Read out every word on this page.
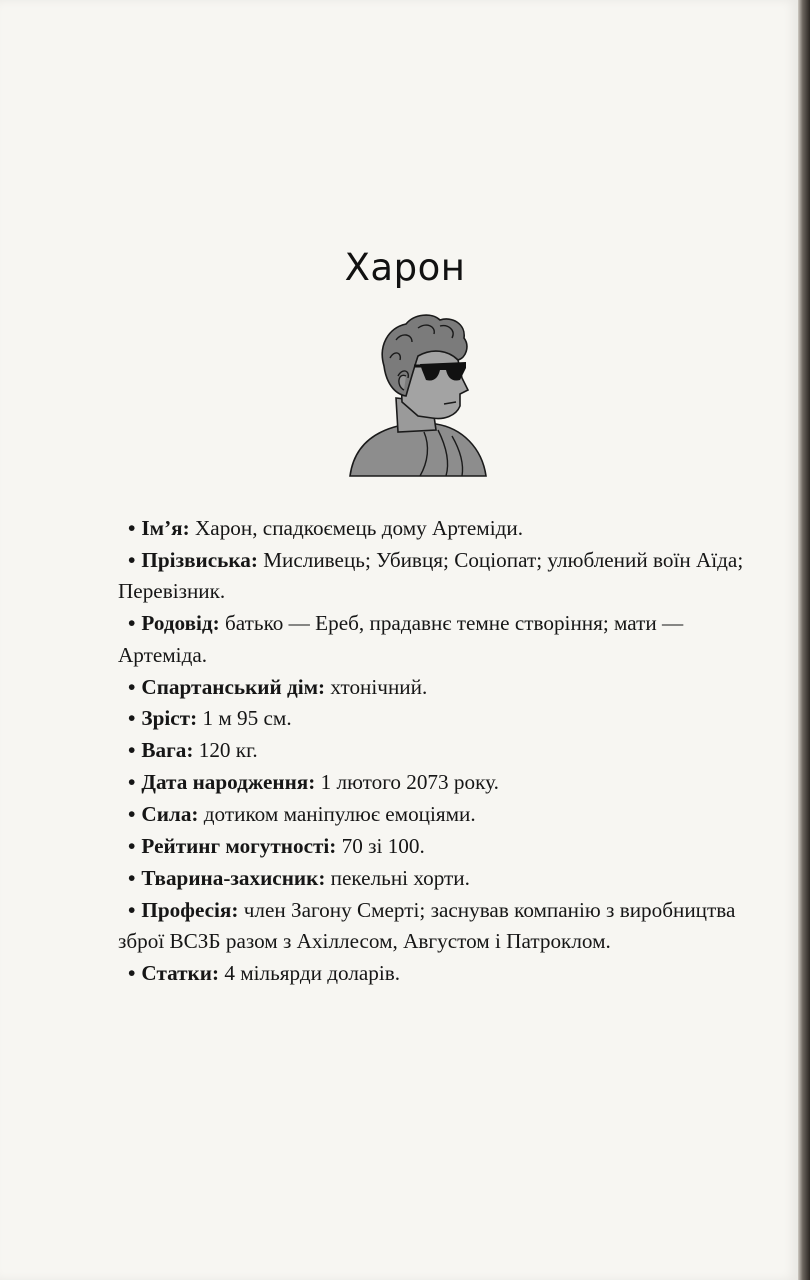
Харон
• Ім’я: Харон, спадкоємець дому Артеміди.
• Прізвиська: Мисливець; Убивця; Соціопат; улюблений воїн Аїда; Перевізник.
• Родовід: батько — Ереб, прадавнє темне створіння; мати — Артеміда.
• Спартанський дім: хтонічний.
• Зріст: 1 м 95 см.
• Вага: 120 кг.
• Дата народження: 1 лютого 2073 року.
• Сила: дотиком маніпулює емоціями.
• Рейтинг могутності: 70 зі 100.
• Тварина-захисник: пекельні хорти.
• Професія: член Загону Смерті; заснував компанію з виробництва зброї ВСЗБ разом з Ахіллесом, Августом і Патроклом.
• Статки: 4 мільярди доларів.
